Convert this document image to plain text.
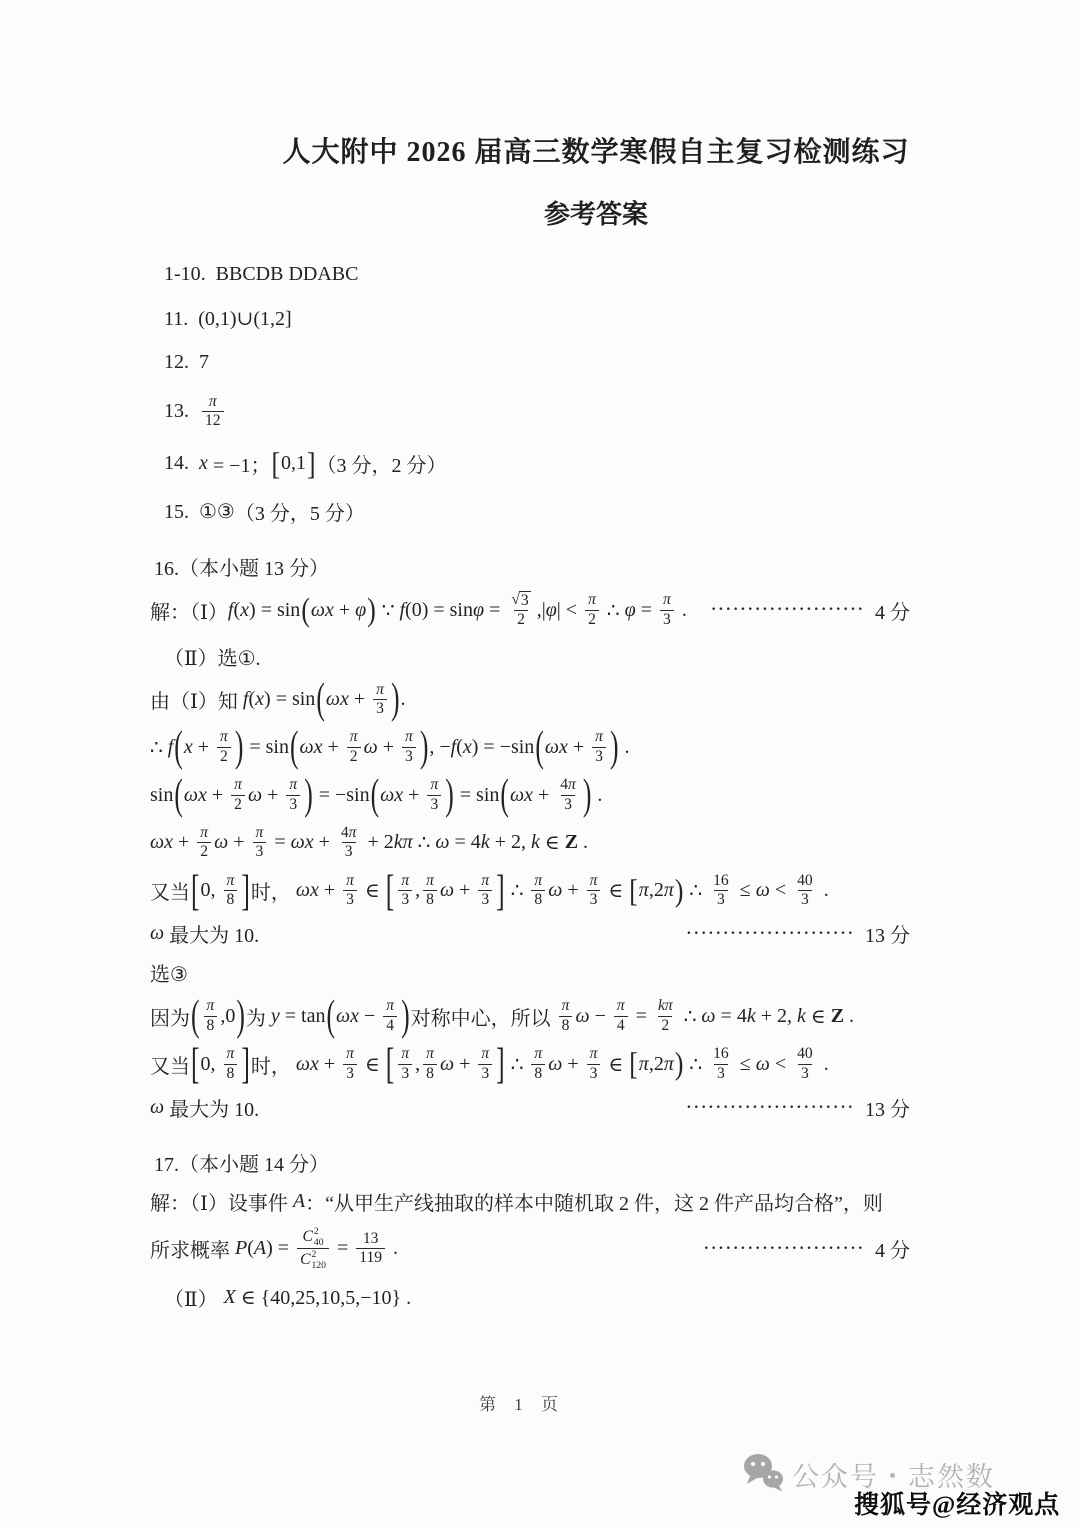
人大附中 2026 届高三数学寒假自主复习检测练习
参考答案
1-10.  BBCDB DDABC
11.  (0,1)∪(1,2]
12.  7
13. $\frac{\pi}{12}$
14. x = −1； [ 0,1 ] （3 分，2 分）
15.  ①③ （3 分，5 分）
16.（本小题 13 分）
解：（Ⅰ） f ( x ) = sin ( ωx + φ ) ∵ f $(0) = \sin \varphi = \frac{√ 3}{2}$ ,| φ | < $\frac{\pi}{2}$ ∴ $\varphi = \frac{\pi}{3}$ . ····················· 4 分
（Ⅱ）选①.
由（Ⅰ）知 f ( x ) = sin ( $\omega x + \frac{\pi}{3}$ ) .
∴ f ( $x + \frac{\pi}{2}$ ) = sin ( $\omega x + \frac{\pi}{2}$ $\omega + \frac{\pi}{3}$ ) , − f ( x ) = −sin ( $\omega x + \frac{\pi}{3}$ ) .
sin ( $\omega x + \frac{\pi}{2}$ $\omega + \frac{\pi}{3}$ ) = −sin ( $\omega x + \frac{\pi}{3}$ ) = sin ( $\omega x + \frac{4 \pi}{3}$ ) .
$\omega x + \frac{\pi}{2}$ $\omega + \frac{\pi}{3} = \omega x + \frac{4 \pi}{3} + 2$ kπ ∴ ω = 4 k + 2, k ∈ Z .
又当 [ 0, $\frac{\pi}{8}$ ] 时， $\omega x + \frac{\pi}{3}$ ∈ [ $\frac{\pi}{3}$ , $\frac{\pi}{8}$ $\omega + \frac{\pi}{3}$ ] ∴ $\frac{\pi}{8}$ $\omega + \frac{\pi}{3}$ ∈ [ π ,2 π ) ∴ $\frac{16}{3} \le \omega < \frac{40}{3}$ .
ω 最大为 10.	······················· 13 分
选③
因为 ( $\frac{\pi}{8} ,0$ ) 为 y = tan ( $\omega x - \frac{\pi}{4}$ ) 对称中心，所以 $\frac{\pi}{8}$ $\omega - \frac{\pi}{4} = \frac{k\pi}{2}$ ∴ ω = 4 k + 2, k ∈ Z .
又当 [ 0, $\frac{\pi}{8}$ ] 时， $\omega x + \frac{\pi}{3}$ ∈ [ $\frac{\pi}{3}$ , $\frac{\pi}{8}$ $\omega + \frac{\pi}{3}$ ] ∴ $\frac{\pi}{8}$ $\omega + \frac{\pi}{3}$ ∈ [ π ,2 π ) ∴ $\frac{16}{3} \le \omega < \frac{40}{3}$ .
ω 最大为 10.	······················· 13 分
17.（本小题 14 分）
解：（Ⅰ）设事件 A ：“从甲生产线抽取的样本中随机取 2 件，这 2 件产品均合格”，则
所求概率 P ( A ) = C 2
40
C 2
$120 = \frac{13}{119}$ .	······················ 4 分
（Ⅱ） X ∈ {40,25,10,5,−10} .
第 1 页
公众号・志然数
搜狐号@经济观点
